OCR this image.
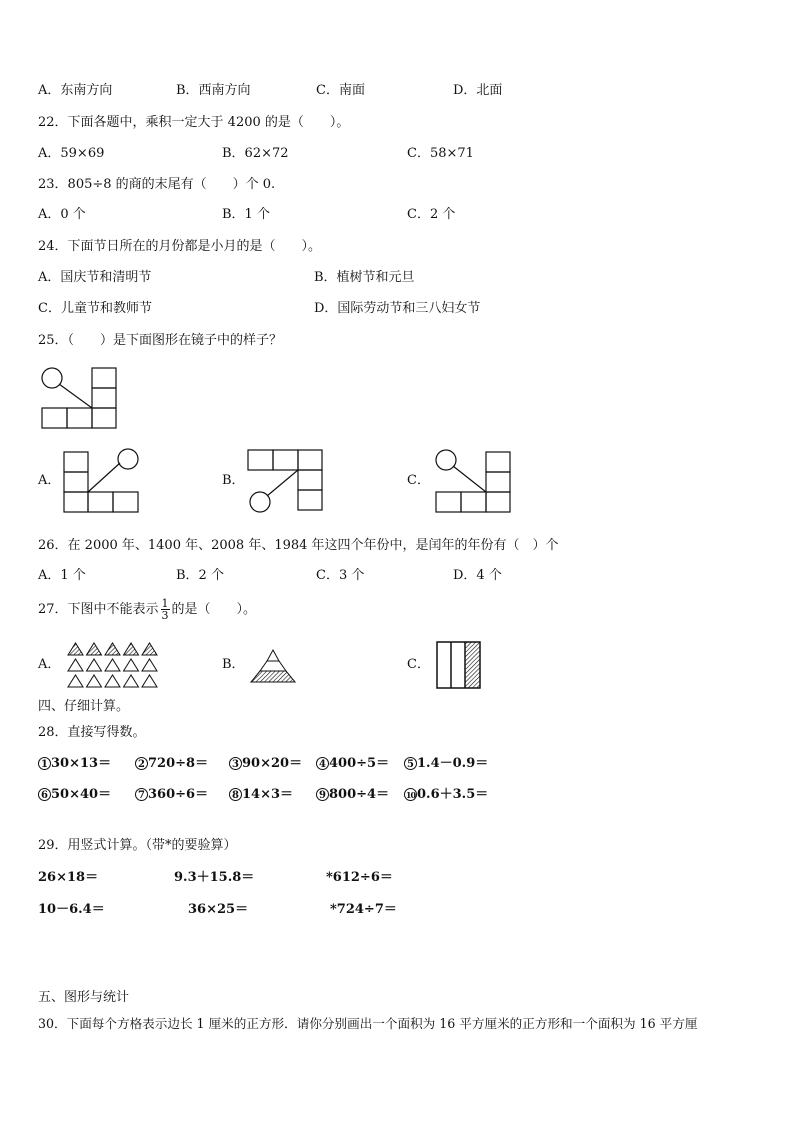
A．东南方向	B．西南方向	C．南面	D．北面
22．下面各题中，乘积一定大于 4200 的是（　　）。
A．59×69	B．62×72	C．58×71
23．805÷8 的商的末尾有（　　）个 0.
A．0 个	B．1 个	C．2 个
24．下面节日所在的月份都是小月的是（　　）。
A．国庆节和清明节	B．植树节和元旦
C．儿童节和教师节	D．国际劳动节和三八妇女节
25．（　　）是下面图形在镜子中的样子？
A．	B．	C．
26．在 2000 年、1400 年、2008 年、1984 年这四个年份中，是闰年的年份有（　）个
A．1 个	B．2 个	C．3 个	D．4 个
27．下图中不能表示 $\frac{1}{3}$ 的是（　　）。
A．	B．	C．
四、仔细计算。
28．直接写得数。
1 30×13＝	2 720÷8＝	3 90×20＝	4 400÷5＝	5 1.4－0.9＝
6 50×40＝	7 360÷6＝	8 14×3＝	9 800÷4＝ 10 0.6＋3.5＝
29．用竖式计算。（带*的要验算）
26×18＝	9.3＋15.8＝	*612÷6＝
10－6.4＝	36×25＝	*724÷7＝
五、图形与统计
30．下面每个方格表示边长 1 厘米的正方形．请你分别画出一个面积为 16 平方厘米的正方形和一个面积为 16 平方厘
